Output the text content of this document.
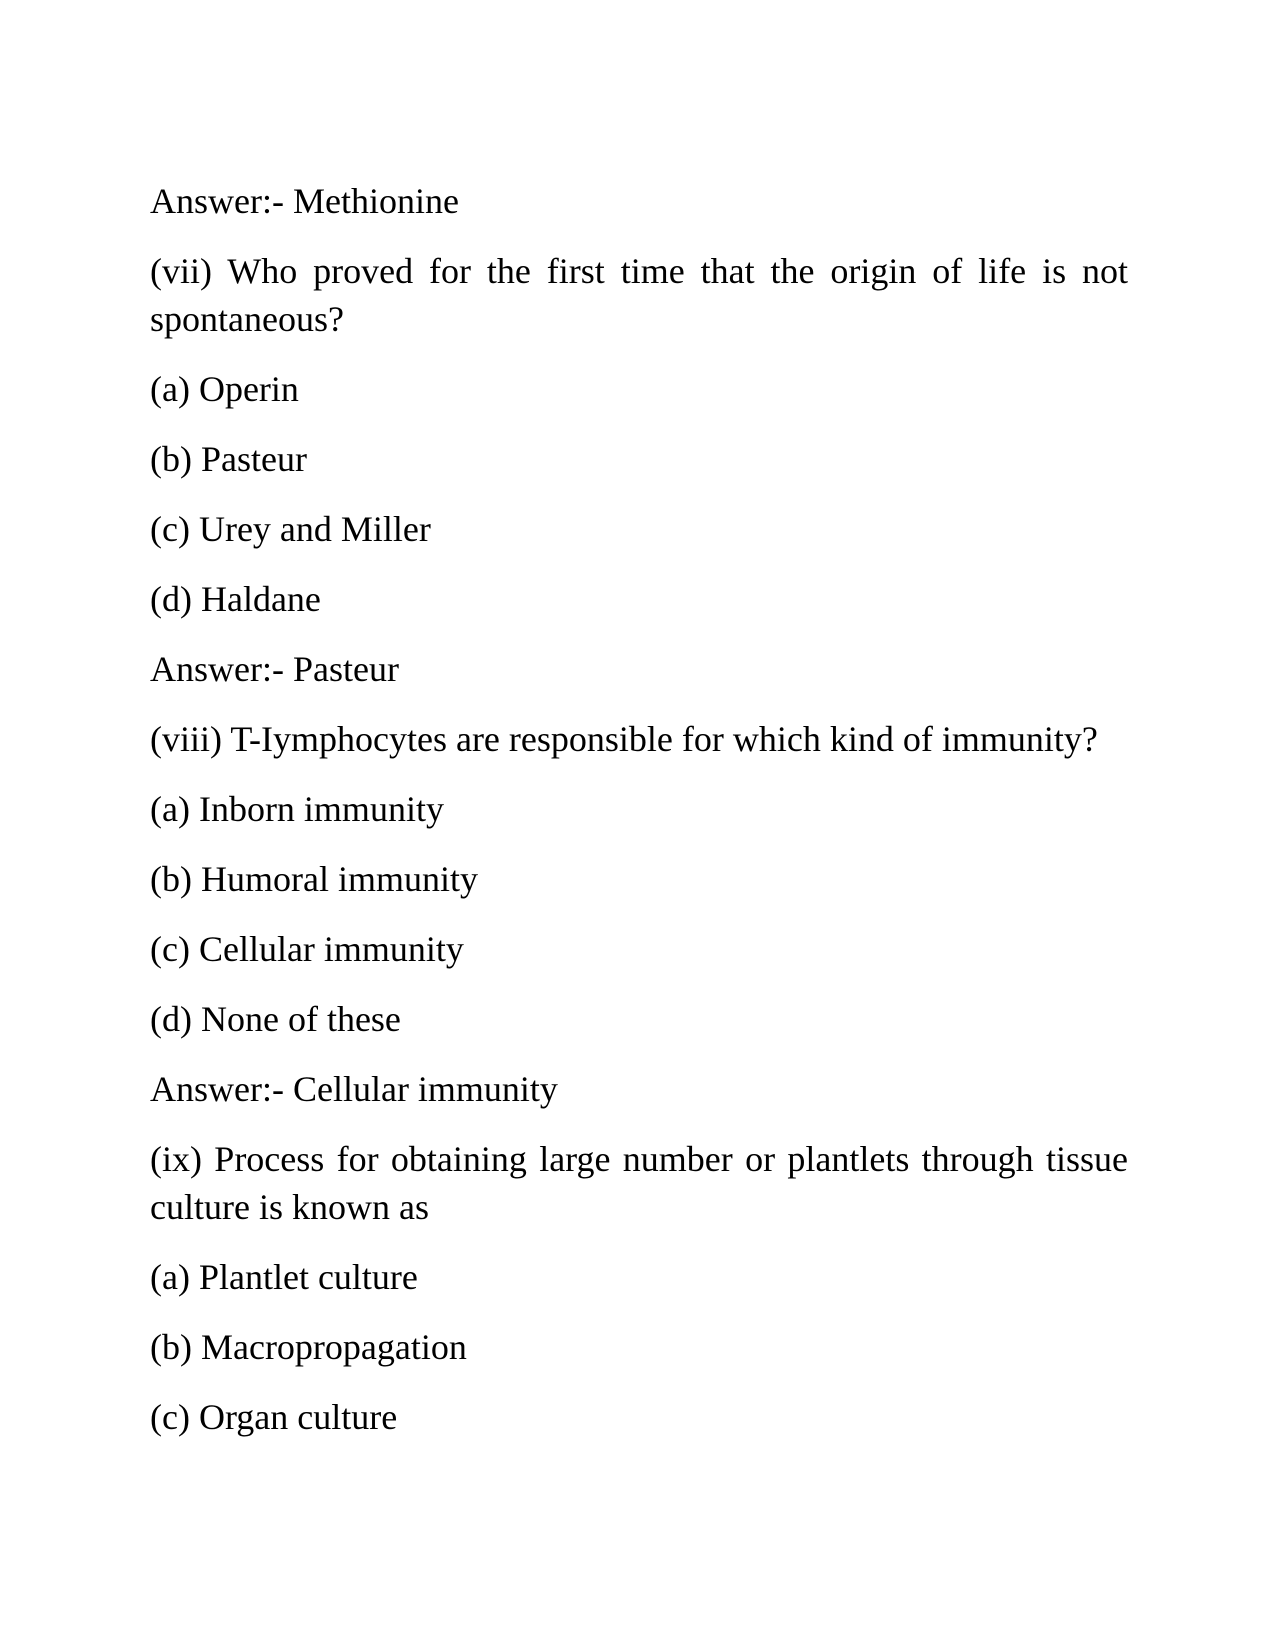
Answer:- Methionine

(vii) Who proved for the first time that the origin of life is not spontaneous?

(a) Operin

(b) Pasteur

(c) Urey and Miller

(d) Haldane

Answer:- Pasteur

(viii) T-Iymphocytes are responsible for which kind of immunity?

(a) Inborn immunity

(b) Humoral immunity

(c) Cellular immunity

(d) None of these

Answer:- Cellular immunity

(ix) Process for obtaining large number or plantlets through tissue culture is known as

(a) Plantlet culture

(b) Macropropagation

(c) Organ culture
